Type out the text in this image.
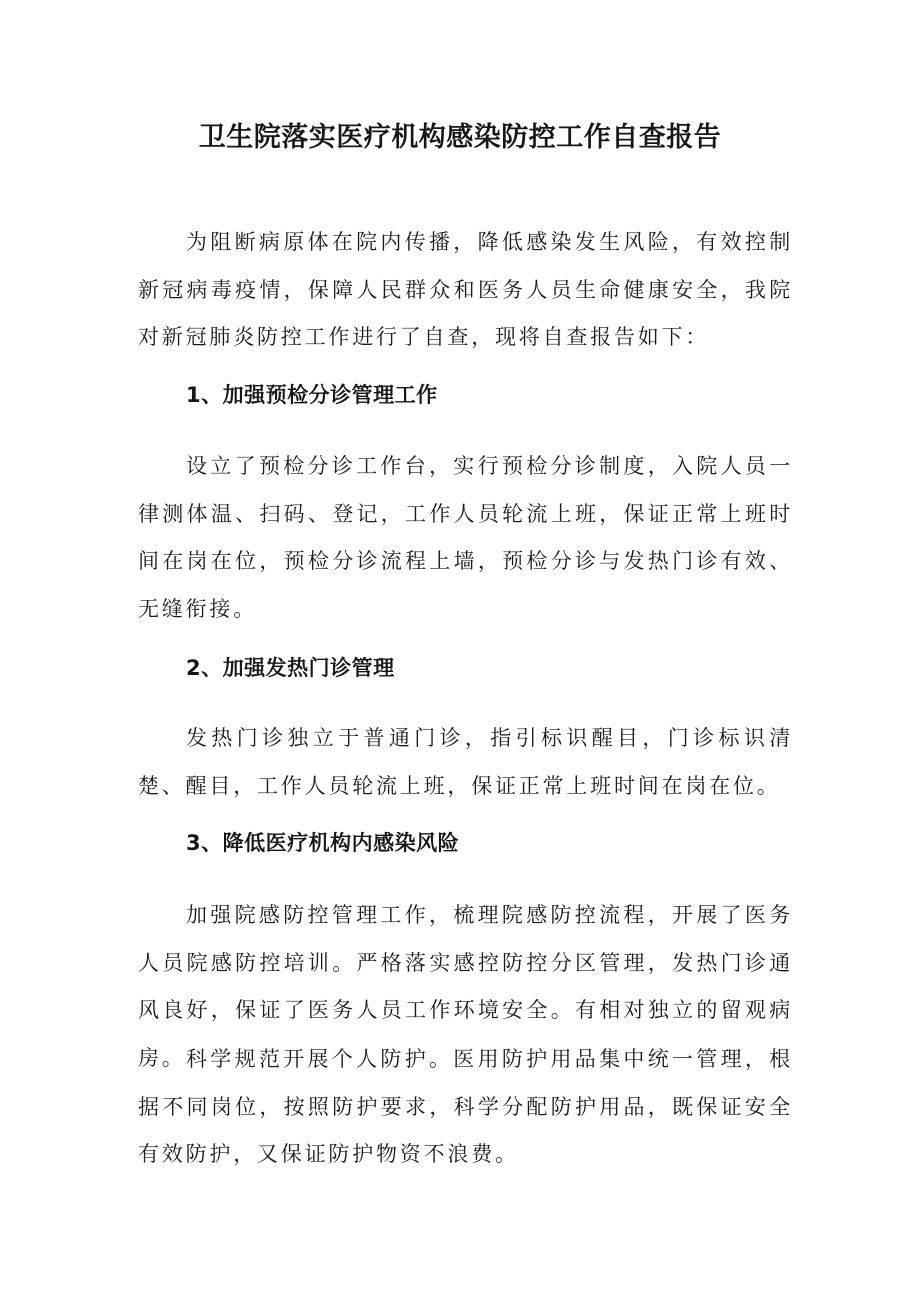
卫生院落实医疗机构感染防控工作自查报告

为阻断病原体在院内传播，降低感染发生风险，有效控制新冠病毒疫情，保障人民群众和医务人员生命健康安全，我院对新冠肺炎防控工作进行了自查，现将自查报告如下：

1、加强预检分诊管理工作

设立了预检分诊工作台，实行预检分诊制度，入院人员一律测体温、扫码、登记，工作人员轮流上班，保证正常上班时间在岗在位，预检分诊流程上墙，预检分诊与发热门诊有效、无缝衔接。

2、加强发热门诊管理

发热门诊独立于普通门诊，指引标识醒目，门诊标识清楚、醒目，工作人员轮流上班，保证正常上班时间在岗在位。

3、降低医疗机构内感染风险

加强院感防控管理工作，梳理院感防控流程，开展了医务人员院感防控培训。严格落实感控防控分区管理，发热门诊通风良好，保证了医务人员工作环境安全。有相对独立的留观病房。 科学规范开展个人防护。医用防护用品集中统一管理，根据不同岗位，按照防护要求，科学分配防护用品，既保证安全有效防护，又保证防护物资不浪费。
